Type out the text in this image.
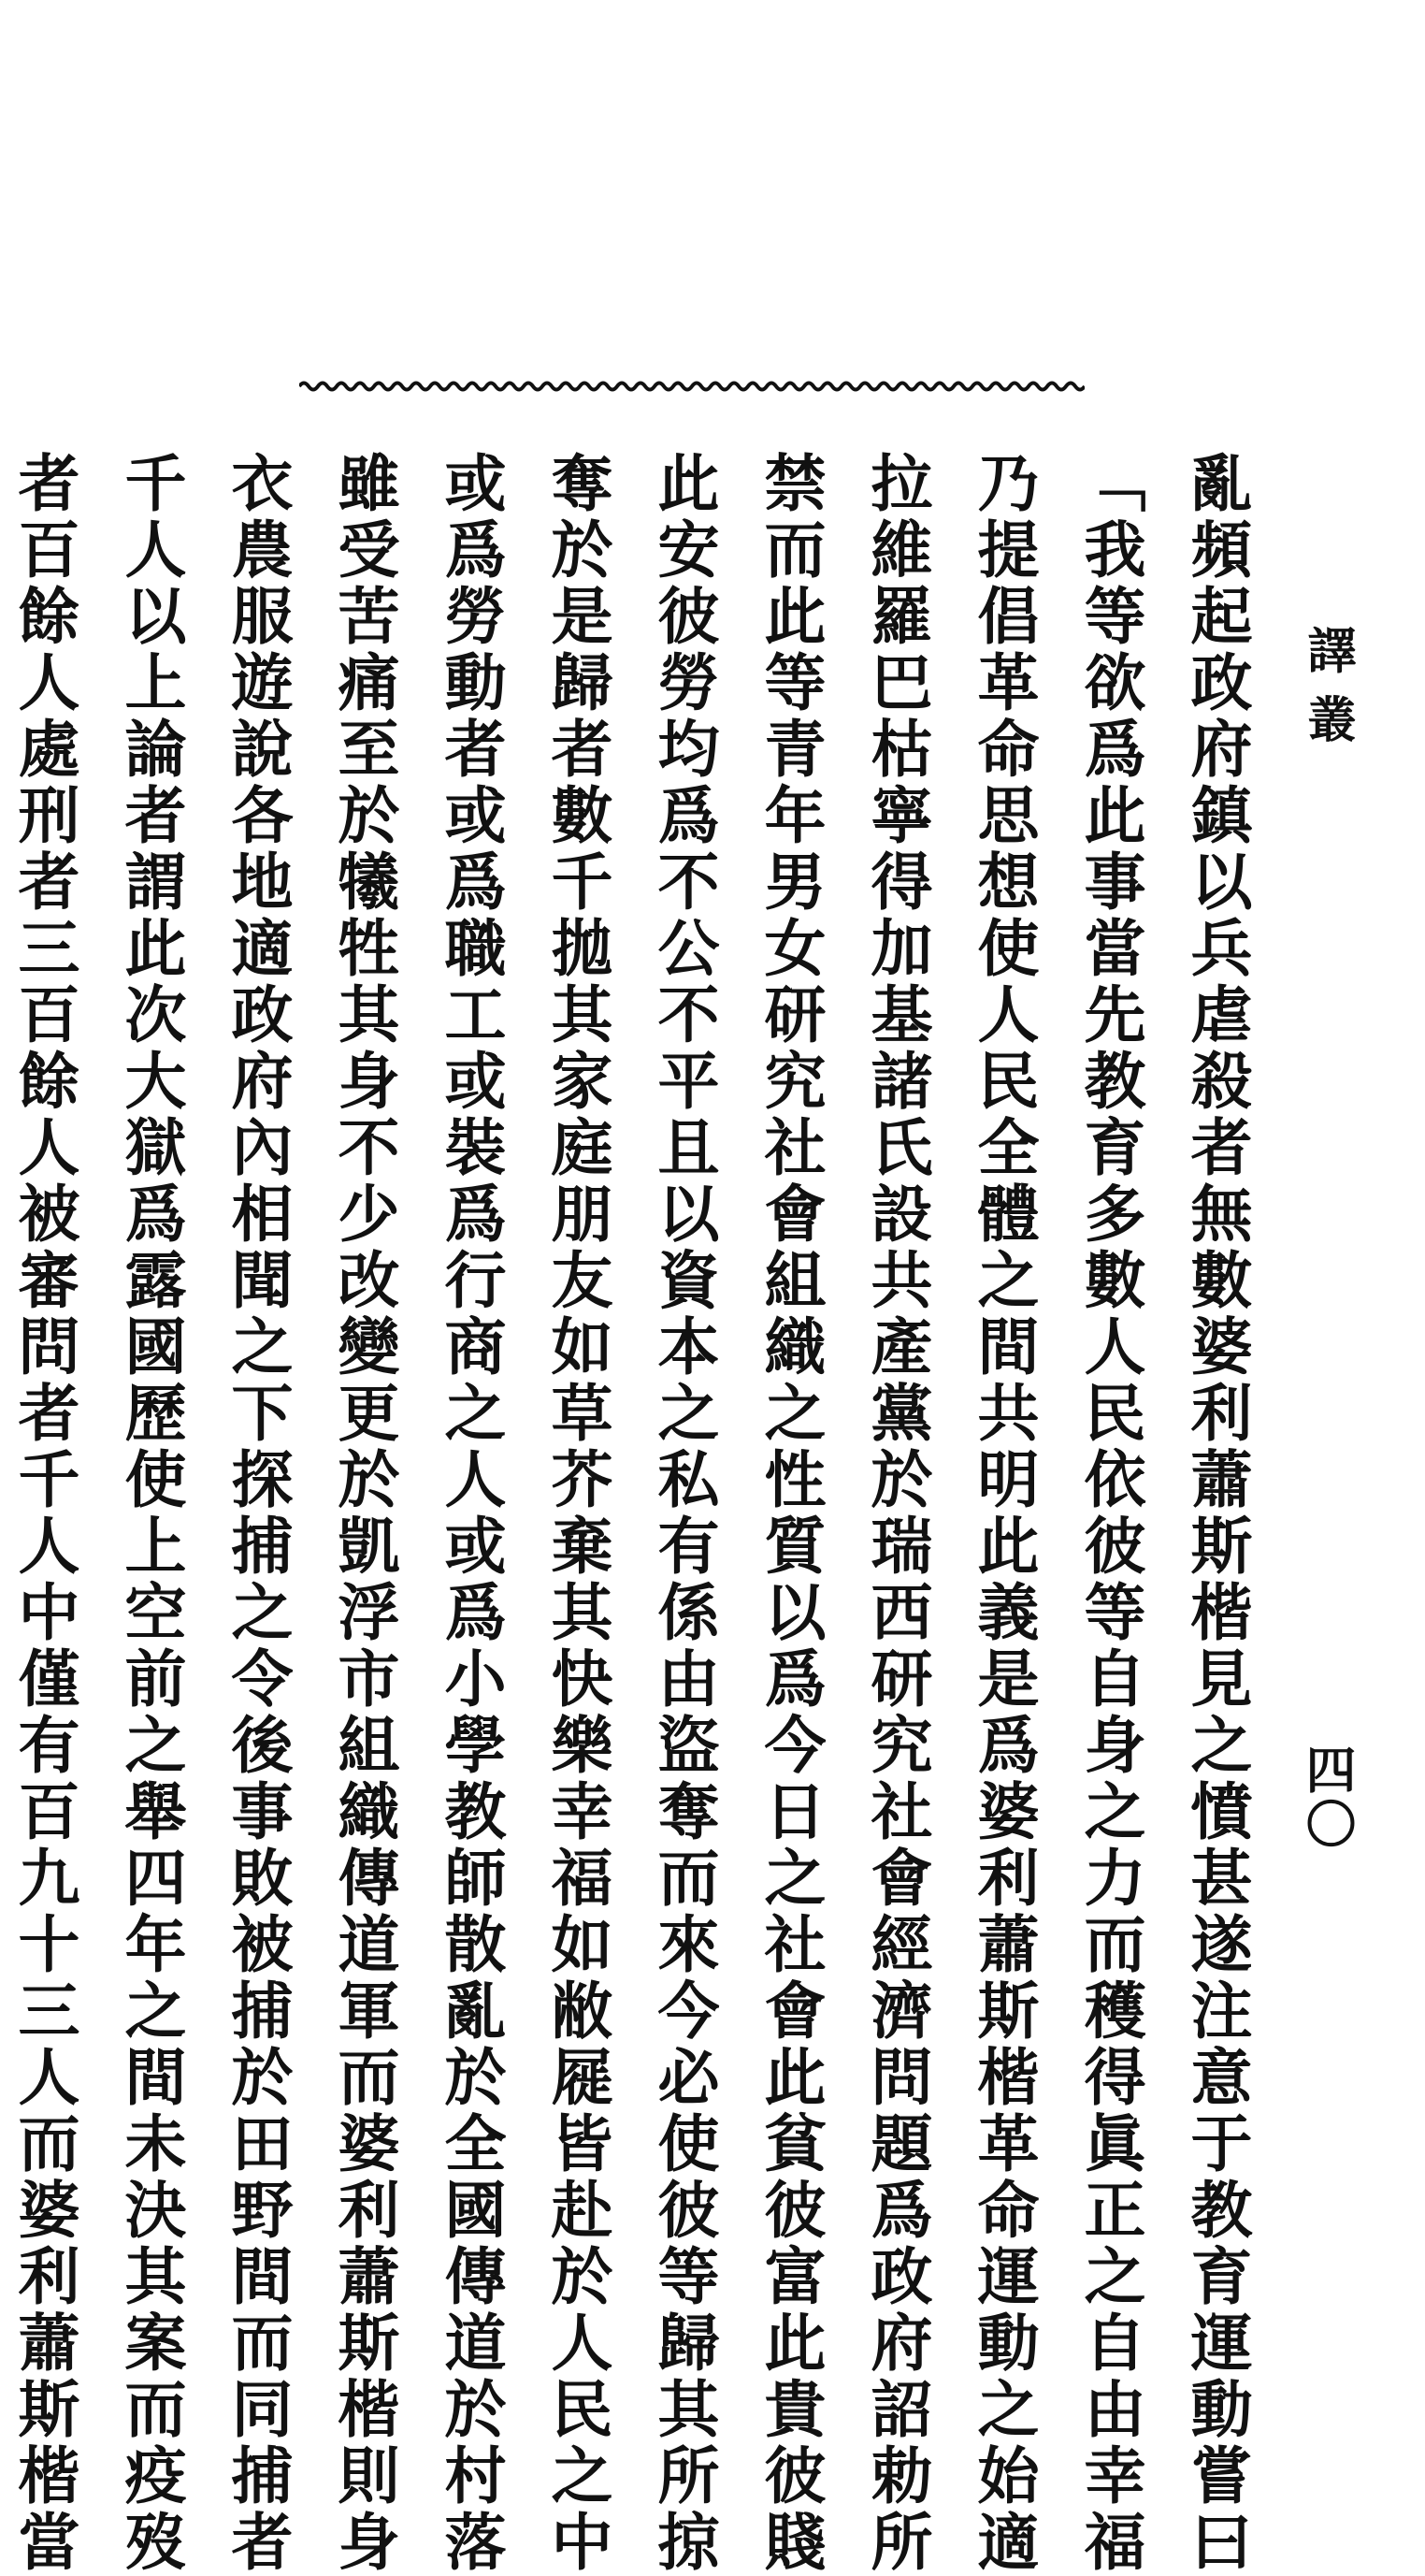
譯叢
四〇
亂頻起政府鎮以兵虐殺者無數婆利蕭斯楷見之憤甚遂注意于教育運動嘗曰
「我等欲爲此事當先教育多數人民依彼等自身之力而穫得眞正之自由幸福
乃提倡革命思想使人民全體之間共明此義是爲婆利蕭斯楷革命運動之始適
拉維羅巴枯寧得加基諸氏設共產黨於瑞西研究社會經濟問題爲政府詔勅所
禁而此等青年男女研究社會組織之性質以爲今日之社會此貧彼富此貴彼賤
此安彼勞均爲不公不平且以資本之私有係由盜奪而來今必使彼等歸其所掠
奪於是歸者數千拋其家庭朋友如草芥棄其快樂幸福如敝屣皆赴於人民之中
或爲勞動者或爲職工或裝爲行商之人或爲小學教師散亂於全國傳道於村落
雖受苦痛至於犧牲其身不少改變更於凱浮市組織傳道軍而婆利蕭斯楷則身
衣農服遊說各地適政府內相聞之下探捕之令後事敗被捕於田野間而同捕者
千人以上論者謂此次大獄爲露國歷使上空前之舉四年之間未決其案而疫歿
者百餘人處刑者三百餘人被審問者千人中僅有百九十三人而婆利蕭斯楷當
